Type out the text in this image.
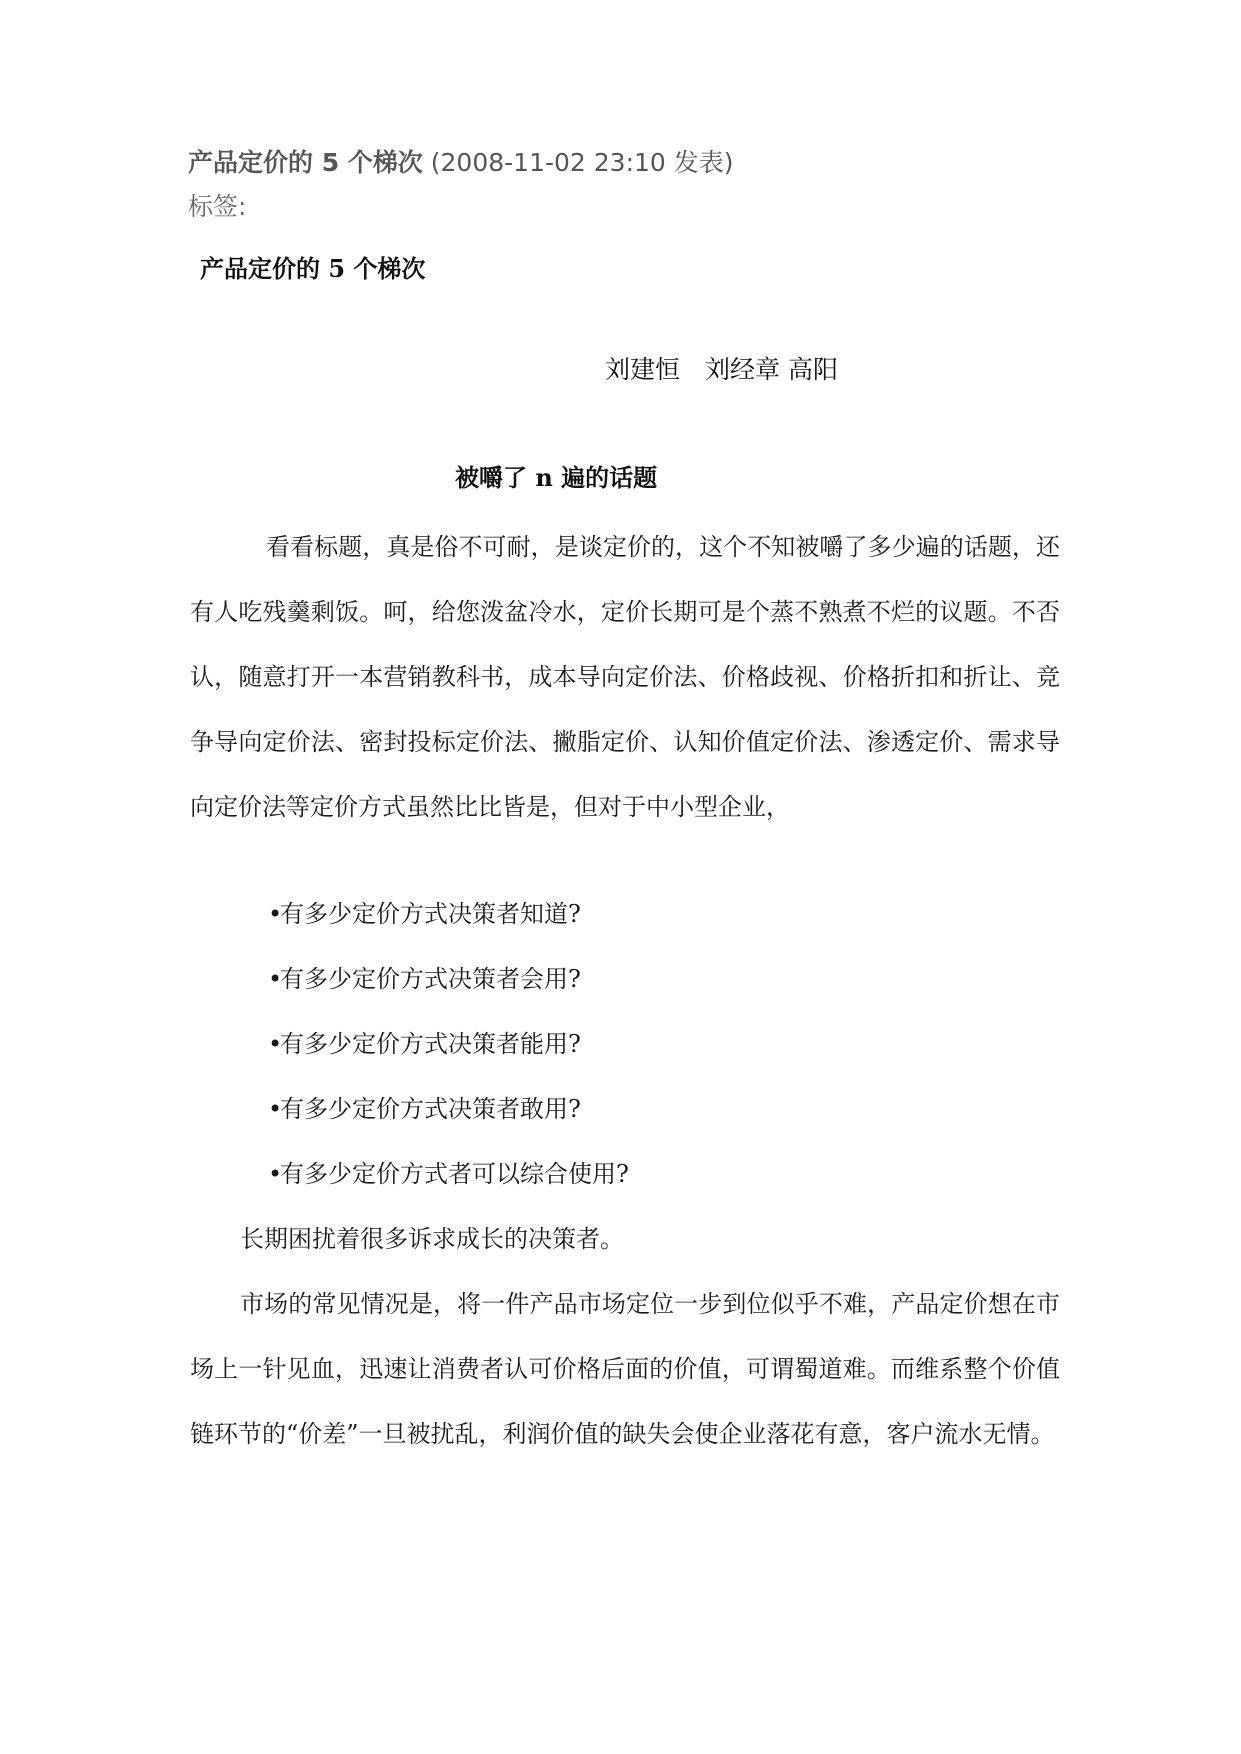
产品定价的 5 个梯次 (2008-11-02 23:10 发表)
标签:
产品定价的 5 个梯次
刘建恒　刘经章 高阳
被嚼了 n 遍的话题

看看标题，真是俗不可耐，是谈定价的，这个不知被嚼了多少遍的话题，还有人吃残羹剩饭。呵，给您泼盆冷水，定价长期可是个蒸不熟煮不烂的议题。不否认，随意打开一本营销教科书，成本导向定价法、价格歧视、价格折扣和折让、竞争导向定价法、密封投标定价法、撇脂定价、认知价值定价法、渗透定价、需求导向定价法等定价方式虽然比比皆是，但对于中小型企业，

•有多少定价方式决策者知道?
•有多少定价方式决策者会用?
•有多少定价方式决策者能用?
•有多少定价方式决策者敢用?
•有多少定价方式者可以综合使用?

长期困扰着很多诉求成长的决策者。

市场的常见情况是，将一件产品市场定位一步到位似乎不难，产品定价想在市场上一针见血，迅速让消费者认可价格后面的价值，可谓蜀道难。而维系整个价值链环节的“价差”一旦被扰乱，利润价值的缺失会使企业落花有意，客户流水无情。
